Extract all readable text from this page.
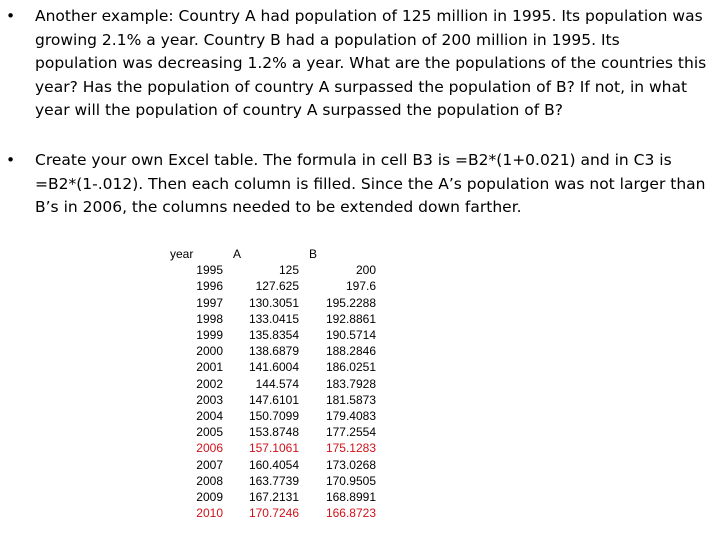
•	Another example: Country A had population of 125 million in 1995. Its population was growing 2.1% a year. Country B had a population of 200 million in 1995. Its population was decreasing 1.2% a year. What are the populations of the countries this year? Has the population of country A surpassed the population of B? If not, in what year will the population of country A surpassed the population of B?
•	Create your own Excel table. The formula in cell B3 is =B2*(1+0.021) and in C3 is =B2*(1-.012). Then each column is filled. Since the A’s population was not larger than B’s in 2006, the columns needed to be extended down farther.
year	A	B
1995	125	200
1996	127.625	197.6
1997	130.3051	195.2288
1998	133.0415	192.8861
1999	135.8354	190.5714
2000	138.6879	188.2846
2001	141.6004	186.0251
2002	144.574	183.7928
2003	147.6101	181.5873
2004	150.7099	179.4083
2005	153.8748	177.2554
2006	157.1061	175.1283
2007	160.4054	173.0268
2008	163.7739	170.9505
2009	167.2131	168.8991
2010	170.7246	166.8723
